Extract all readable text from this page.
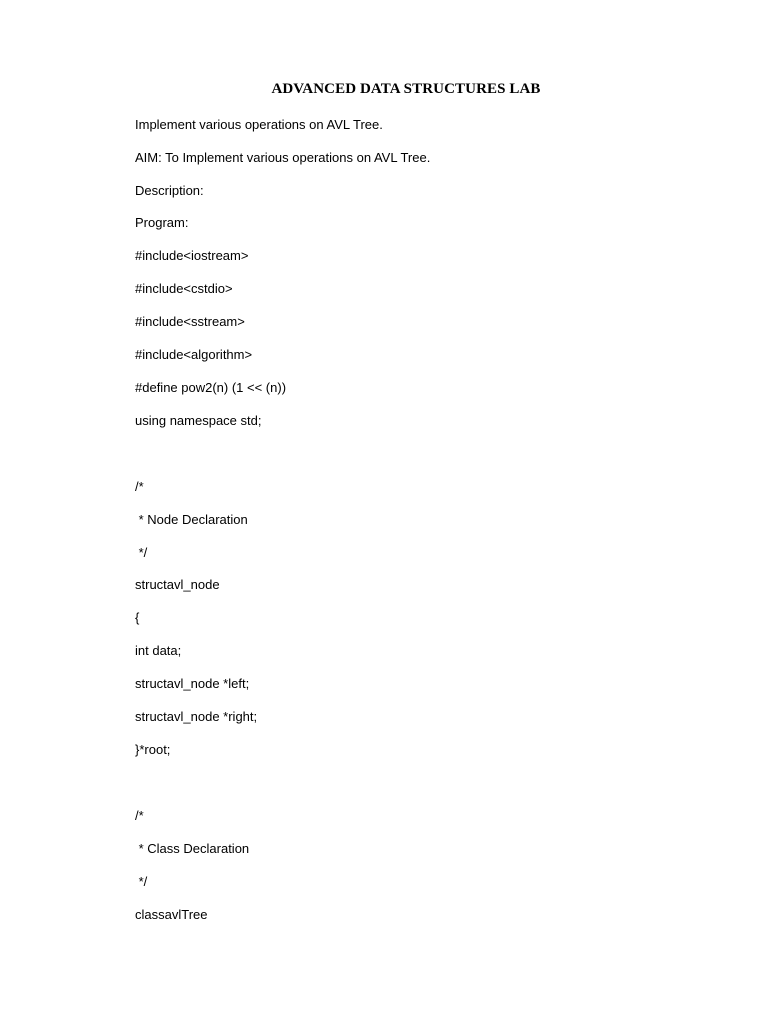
ADVANCED DATA STRUCTURES LAB
Implement various operations on AVL Tree.
AIM: To Implement various operations on AVL Tree.
Description:
Program:
#include<iostream>
#include<cstdio>
#include<sstream>
#include<algorithm>
#define pow2(n) (1 << (n))
using namespace std;
/*
* Node Declaration
*/
structavl_node
{
int data;
structavl_node *left;
structavl_node *right;
}*root;
/*
* Class Declaration
*/
classavlTree
